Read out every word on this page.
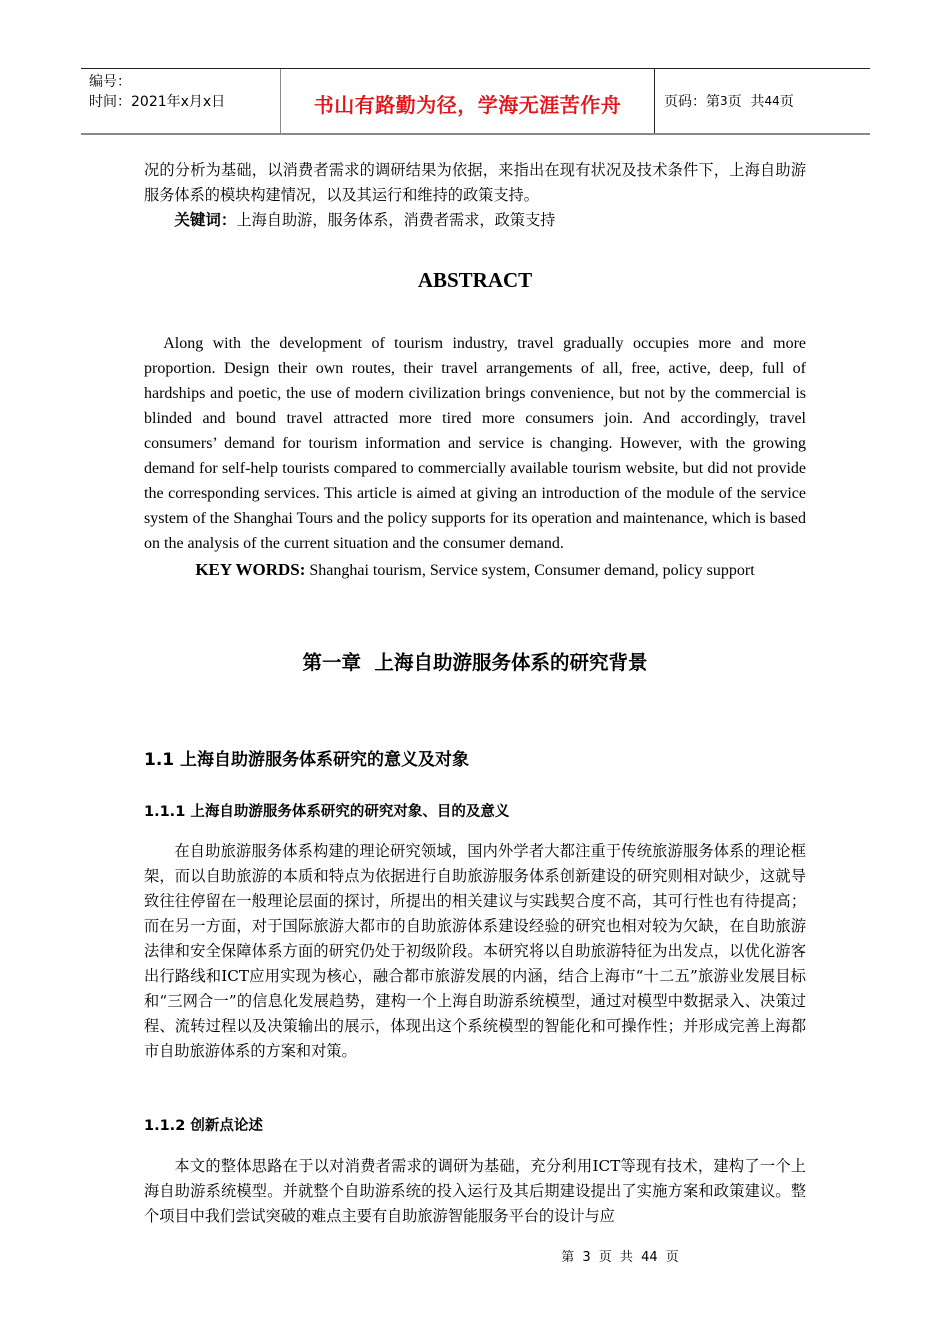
编号：
时间：2021年x月x日	书山有路勤为径，学海无涯苦作舟	页码：第 3 页  共 44 页

况的分析为基础，以消费者需求的调研结果为依据，来指出在现有状况及技术条件下，上海自助游服务体系的模块构建情况，以及其运行和维持的政策支持。

关键词：上海自助游，服务体系，消费者需求，政策支持

ABSTRACT

Along with the development of tourism industry, travel gradually occupies more and more proportion. Design their own routes, their travel arrangements of all, free, active, deep, full of hardships and poetic, the use of modern civilization brings convenience, but not by the commercial is blinded and bound travel attracted more tired more consumers join. And accordingly, travel consumers’ demand for tourism information and service is changing. However, with the growing demand for self-help tourists compared to commercially available tourism website, but did not provide the corresponding services. This article is aimed at giving an introduction of the module of the service system of the Shanghai Tours and the policy supports for its operation and maintenance, which is based on the analysis of the current situation and the consumer demand.

KEY WORDS: Shanghai tourism, Service system, Consumer demand, policy support

第一章  上海自助游服务体系的研究背景
1.1 上海自助游服务体系研究的意义及对象
1.1.1 上海自助游服务体系研究的研究对象、目的及意义

在自助旅游服务体系构建的理论研究领域，国内外学者大都注重于传统旅游服务体系的理论框架，而以自助旅游的本质和特点为依据进行自助旅游服务体系创新建设的研究则相对缺少，这就导致往往停留在一般理论层面的探讨，所提出的相关建议与实践契合度不高，其可行性也有待提高；而在另一方面，对于国际旅游大都市的自助旅游体系建设经验的研究也相对较为欠缺，在自助旅游法律和安全保障体系方面的研究仍处于初级阶段。本研究将以自助旅游特征为出发点，以优化游客出行路线和ICT应用实现为核心，融合都市旅游发展的内涵，结合上海市“十二五”旅游业发展目标和“三网合一”的信息化发展趋势，建构一个上海自助游系统模型，通过对模型中数据录入、决策过程、流转过程以及决策输出的展示，体现出这个系统模型的智能化和可操作性；并形成完善上海都市自助旅游体系的方案和对策。

1.1.2 创新点论述

本文的整体思路在于以对消费者需求的调研为基础，充分利用ICT等现有技术，建构了一个上海自助游系统模型。并就整个自助游系统的投入运行及其后期建设提出了实施方案和政策建议。整个项目中我们尝试突破的难点主要有自助旅游智能服务平台的设计与应

第 3 页 共 44 页
